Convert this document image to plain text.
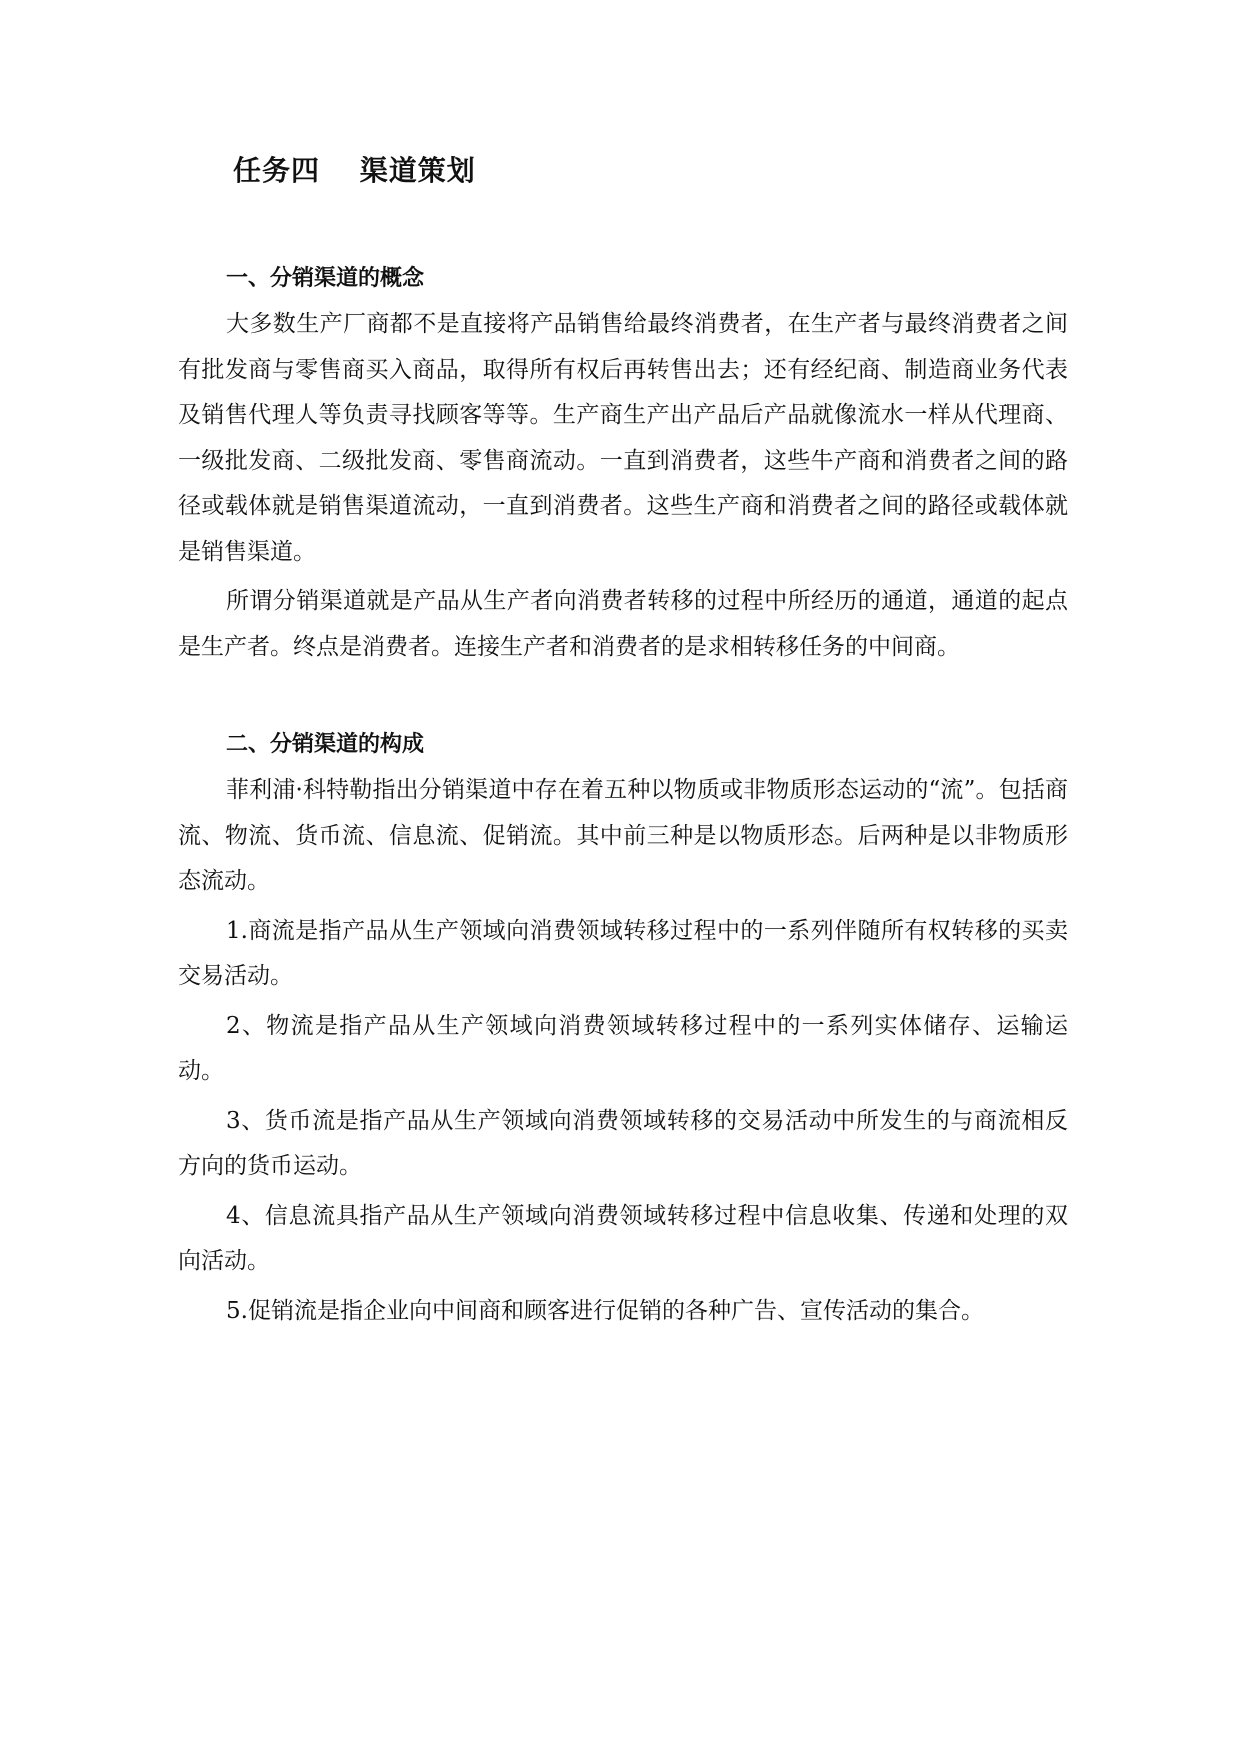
任务四　 渠道策划
一、分销渠道的概念

大多数生产厂商都不是直接将产品销售给最终消费者，在生产者与最终消费者之间有批发商与零售商买入商品，取得所有权后再转售出去；还有经纪商、制造商业务代表及销售代理人等负责寻找顾客等等。生产商生产出产品后产品就像流水一样从代理商、一级批发商、二级批发商、零售商流动。一直到消费者，这些牛产商和消费者之间的路径或载体就是销售渠道流动，一直到消费者。这些生产商和消费者之间的路径或载体就是销售渠道。

所谓分销渠道就是产品从生产者向消费者转移的过程中所经历的通道，通道的起点是生产者。终点是消费者。连接生产者和消费者的是求相转移任务的中间商。

二、分销渠道的构成

菲利浦·科特勒指出分销渠道中存在着五种以物质或非物质形态运动的“流”。包括商流、物流、货币流、信息流、促销流。其中前三种是以物质形态。后两种是以非物质形态流动。

1.商流是指产品从生产领域向消费领域转移过程中的一系列伴随所有权转移的买卖交易活动。

2、物流是指产品从生产领域向消费领域转移过程中的一系列实体储存、运输运动。

3、货币流是指产品从生产领域向消费领域转移的交易活动中所发生的与商流相反方向的货币运动。

4、信息流具指产品从生产领域向消费领域转移过程中信息收集、传递和处理的双向活动。

5.促销流是指企业向中间商和顾客进行促销的各种广告、宣传活动的集合。
